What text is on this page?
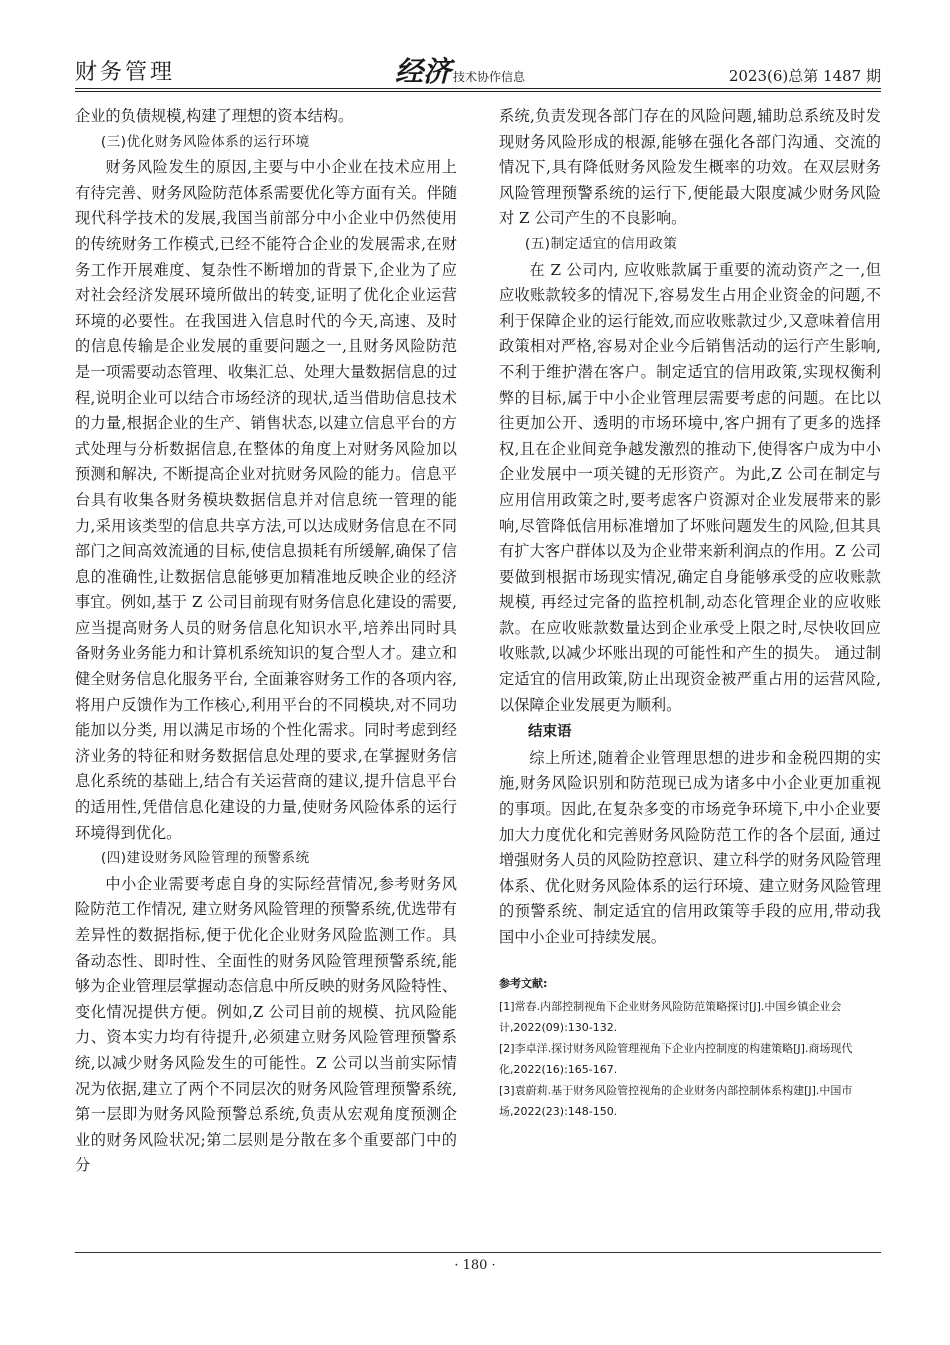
财务管理	经济 技术协作信息	2023(6)总第 1487 期

企业的负债规模,构建了理想的资本结构。

(三)优化财务风险体系的运行环境

财务风险发生的原因,主要与中小企业在技术应用上有待完善、财务风险防范体系需要优化等方面有关。伴随现代科学技术的发展,我国当前部分中小企业中仍然使用的传统财务工作模式,已经不能符合企业的发展需求,在财务工作开展难度、复杂性不断增加的背景下,企业为了应对社会经济发展环境所做出的转变,证明了优化企业运营环境的必要性。在我国进入信息时代的今天,高速、及时的信息传输是企业发展的重要问题之一,且财务风险防范是一项需要动态管理、收集汇总、处理大量数据信息的过程,说明企业可以结合市场经济的现状,适当借助信息技术的力量,根据企业的生产、销售状态,以建立信息平台的方式处理与分析数据信息,在整体的角度上对财务风险加以预测和解决, 不断提高企业对抗财务风险的能力。信息平台具有收集各财务模块数据信息并对信息统一管理的能力,采用该类型的信息共享方法,可以达成财务信息在不同部门之间高效流通的目标,使信息损耗有所缓解,确保了信息的准确性,让数据信息能够更加精准地反映企业的经济事宜。例如,基于 Z 公司目前现有财务信息化建设的需要,应当提高财务人员的财务信息化知识水平,培养出同时具备财务业务能力和计算机系统知识的复合型人才。建立和健全财务信息化服务平台, 全面兼容财务工作的各项内容,将用户反馈作为工作核心,利用平台的不同模块,对不同功能加以分类, 用以满足市场的个性化需求。同时考虑到经济业务的特征和财务数据信息处理的要求,在掌握财务信息化系统的基础上,结合有关运营商的建议,提升信息平台的适用性,凭借信息化建设的力量,使财务风险体系的运行环境得到优化。

(四)建设财务风险管理的预警系统

中小企业需要考虑自身的实际经营情况,参考财务风险防范工作情况, 建立财务风险管理的预警系统,优选带有差异性的数据指标,便于优化企业财务风险监测工作。具备动态性、即时性、全面性的财务风险管理预警系统,能够为企业管理层掌握动态信息中所反映的财务风险特性、变化情况提供方便。例如,Z 公司目前的规模、抗风险能力、资本实力均有待提升,必须建立财务风险管理预警系统,以减少财务风险发生的可能性。Z 公司以当前实际情况为依据,建立了两个不同层次的财务风险管理预警系统,第一层即为财务风险预警总系统,负责从宏观角度预测企业的财务风险状况;第二层则是分散在多个重要部门中的分

系统,负责发现各部门存在的风险问题,辅助总系统及时发现财务风险形成的根源,能够在强化各部门沟通、交流的情况下,具有降低财务风险发生概率的功效。在双层财务风险管理预警系统的运行下,便能最大限度减少财务风险对 Z 公司产生的不良影响。

(五)制定适宜的信用政策

在 Z 公司内, 应收账款属于重要的流动资产之一,但应收账款较多的情况下,容易发生占用企业资金的问题,不利于保障企业的运行能效,而应收账款过少,又意味着信用政策相对严格,容易对企业今后销售活动的运行产生影响,不利于维护潜在客户。制定适宜的信用政策,实现权衡利弊的目标,属于中小企业管理层需要考虑的问题。在比以往更加公开、透明的市场环境中,客户拥有了更多的选择权,且在企业间竞争越发激烈的推动下,使得客户成为中小企业发展中一项关键的无形资产。为此,Z 公司在制定与应用信用政策之时,要考虑客户资源对企业发展带来的影响,尽管降低信用标准增加了坏账问题发生的风险,但其具有扩大客户群体以及为企业带来新利润点的作用。Z 公司要做到根据市场现实情况,确定自身能够承受的应收账款规模, 再经过完备的监控机制,动态化管理企业的应收账款。在应收账款数量达到企业承受上限之时,尽快收回应收账款,以减少坏账出现的可能性和产生的损失。 通过制定适宜的信用政策,防止出现资金被严重占用的运营风险,以保障企业发展更为顺利。

结束语

综上所述,随着企业管理思想的进步和金税四期的实施,财务风险识别和防范现已成为诸多中小企业更加重视的事项。因此,在复杂多变的市场竞争环境下,中小企业要加大力度优化和完善财务风险防范工作的各个层面, 通过增强财务人员的风险防控意识、建立科学的财务风险管理体系、优化财务风险体系的运行环境、建立财务风险管理的预警系统、制定适宜的信用政策等手段的应用,带动我国中小企业可持续发展。

参考文献:
[1]常春.内部控制视角下企业财务风险防范策略探讨[J].中国乡镇企业会计,2022(09):130-132.
[2]李卓洋.探讨财务风险管理视角下企业内控制度的构建策略[J].商场现代化,2022(16):165-167.
[3]袁蔚莉.基于财务风险管控视角的企业财务内部控制体系构建[J].中国市场,2022(23):148-150.
· 180 ·
